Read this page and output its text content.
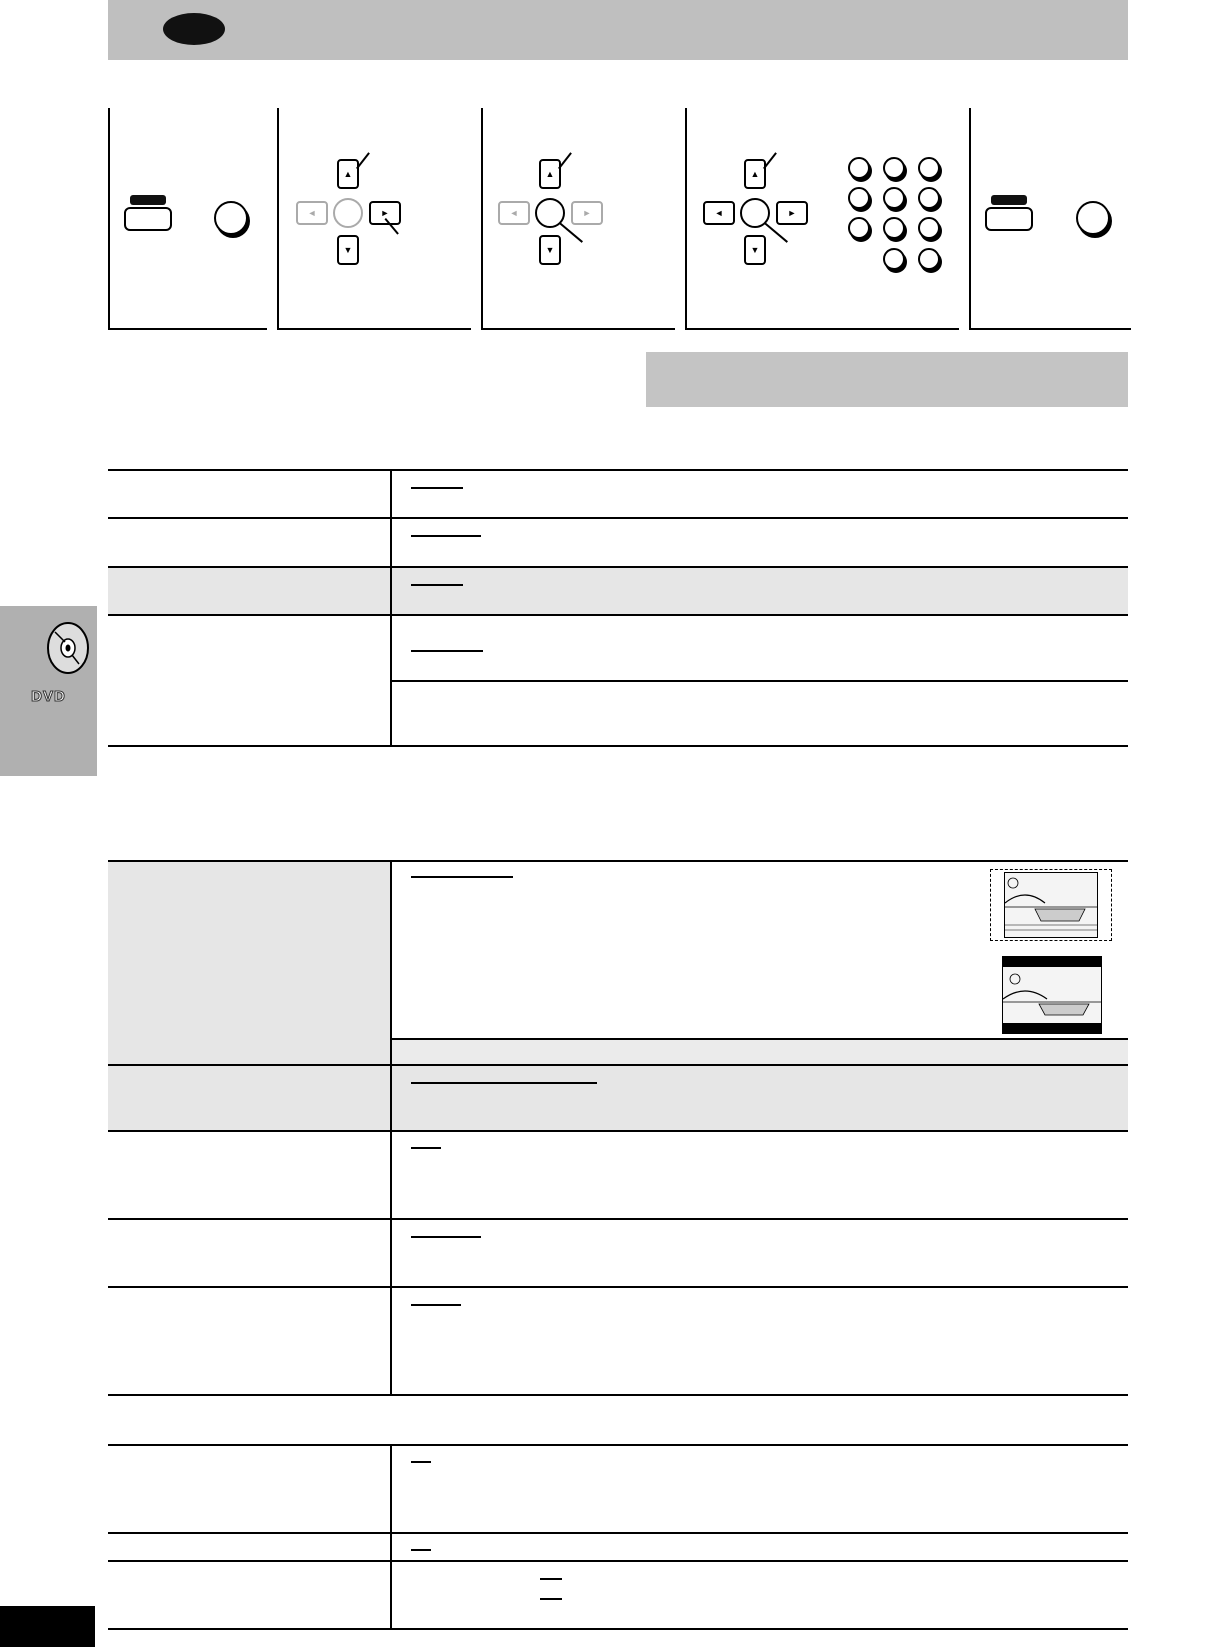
▲
◄	►
▼
▲
◄	►
▼
▲
◄	►
▼
DVD
